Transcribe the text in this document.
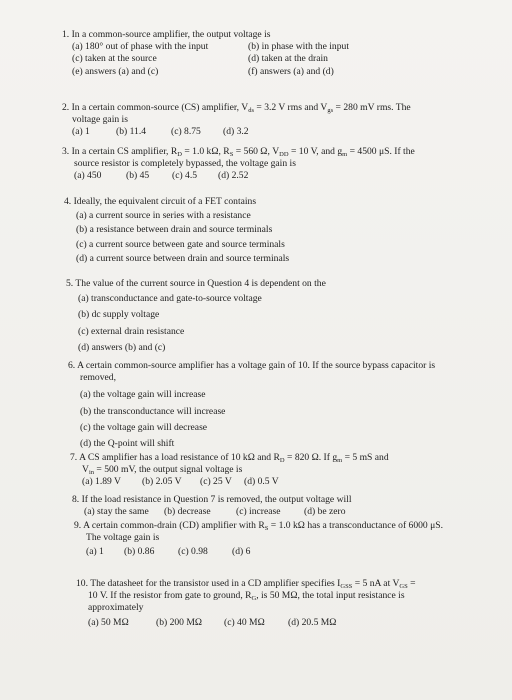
1. In a common-source amplifier, the output voltage is
(a) 180° out of phase with the input	(b) in phase with the input
(c) taken at the source	(d) taken at the drain
(e) answers (a) and (c)	(f) answers (a) and (d)
2. In a certain common-source (CS) amplifier, $V_{ds} = 3.2$ V rms and $V_{gs} = 280$ mV rms. The
voltage gain is
(a) 1	(b) 11.4	(c) 8.75	(d) 3.2
3. In a certain CS amplifier, $R_D = 1.0$ kΩ, $R_S = 560$ Ω, $V_{DD} = 10$ V, and $g_m = 4500$ μS. If the
source resistor is completely bypassed, the voltage gain is
(a) 450	(b) 45	(c) 4.5	(d) 2.52
4. Ideally, the equivalent circuit of a FET contains
(a) a current source in series with a resistance
(b) a resistance between drain and source terminals
(c) a current source between gate and source terminals
(d) a current source between drain and source terminals
5. The value of the current source in Question 4 is dependent on the
(a) transconductance and gate-to-source voltage
(b) dc supply voltage
(c) external drain resistance
(d) answers (b) and (c)
6. A certain common-source amplifier has a voltage gain of 10. If the source bypass capacitor is
removed,
(a) the voltage gain will increase
(b) the transconductance will increase
(c) the voltage gain will decrease
(d) the Q-point will shift
7. A CS amplifier has a load resistance of 10 kΩ and $R_D = 820$ Ω. If $g_m = 5$ mS and
$V_{in} = 500$ mV, the output signal voltage is
(a) 1.89 V	(b) 2.05 V	(c) 25 V	(d) 0.5 V
8. If the load resistance in Question 7 is removed, the output voltage will
(a) stay the same	(b) decrease	(c) increase	(d) be zero
9. A certain common-drain (CD) amplifier with $R_S = 1.0$ kΩ has a transconductance of 6000 μS.
The voltage gain is
(a) 1	(b) 0.86	(c) 0.98	(d) 6
10. The datasheet for the transistor used in a CD amplifier specifies $I_{GSS} = 5$ nA at $V_{GS}$ =
10 V. If the resistor from gate to ground, $R_G$, is 50 MΩ, the total input resistance is
approximately
(a) 50 MΩ	(b) 200 MΩ	(c) 40 MΩ	(d) 20.5 MΩ
